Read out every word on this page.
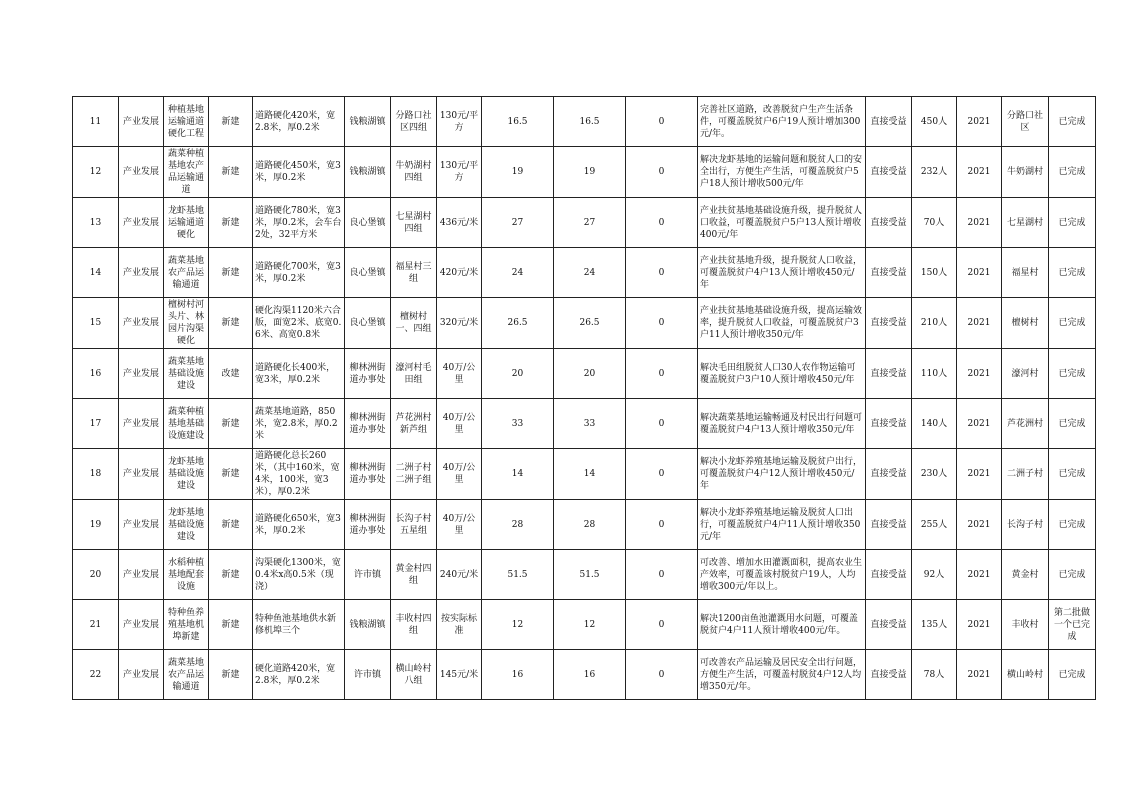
11	产业发展	种植基地运输通道硬化工程	新建	道路硬化420米，宽2.8米，厚0.2米	钱粮湖镇	分路口社区四组	130元/平方	16.5	16.5	0	完善社区道路，改善脱贫户生产生活条件，可覆盖脱贫户6户19人预计增加300元/年。	直接受益	450人	2021	分路口社区	已完成
12	产业发展	蔬菜种植基地农产品运输通道	新建	道路硬化450米，宽3米，厚0.2米	钱粮湖镇	牛奶湖村四组	130元/平方	19	19	0	解决龙虾基地的运输问题和脱贫人口的安全出行，方便生产生活，可覆盖脱贫户5户18人预计增收500元/年	直接受益	232人	2021	牛奶湖村	已完成
13	产业发展	龙虾基地运输通道硬化	新建	道路硬化780米，宽3米，厚0.2米，会车台2处，32平方米	良心堡镇	七星湖村四组	436元/米	27	27	0	产业扶贫基地基础设施升级，提升脱贫人口收益，可覆盖脱贫户5户13人预计增收400元/年	直接受益	70人	2021	七星湖村	已完成
14	产业发展	蔬菜基地农产品运输通道	新建	道路硬化700米，宽3米，厚0.2米	良心堡镇	福星村三组	420元/米	24	24	0	产业扶贫基地升级，提升脱贫人口收益，可覆盖脱贫户4户13人预计增收450元/年	直接受益	150人	2021	福星村	已完成
15	产业发展	檀树村河头片、林园片沟渠硬化	新建	硬化沟渠1120米六合版，面宽2米、底宽0.6米、高宽0.8米	良心堡镇	檀树村一、四组	320元/米	26.5	26.5	0	产业扶贫基地基础设施升级，提高运输效率，提升脱贫人口收益，可覆盖脱贫户3户11人预计增收350元/年	直接受益	210人	2021	檀树村	已完成
16	产业发展	蔬菜基地基础设施建设	改建	道路硬化长400米，宽3米，厚0.2米	柳林洲街道办事处	濠河村毛田组	40万/公里	20	20	0	解决毛田组脱贫人口30人农作物运输可覆盖脱贫户3户10人预计增收450元/年	直接受益	110人	2021	濠河村	已完成
17	产业发展	蔬菜种植基地基础设施建设	新建	蔬菜基地道路，850米，宽2.8米，厚0.2米	柳林洲街道办事处	芦花洲村新芦组	40万/公里	33	33	0	解决蔬菜基地运输畅通及村民出行问题可覆盖脱贫户4户13人预计增收350元/年	直接受益	140人	2021	芦花洲村	已完成
18	产业发展	龙虾基地基础设施建设	新建	道路硬化总长260米，（其中160米，宽4米，100米，宽3米），厚0.2米	柳林洲街道办事处	二洲子村二洲子组	40万/公里	14	14	0	解决小龙虾养殖基地运输及脱贫户出行，可覆盖脱贫户4户12人预计增收450元/年	直接受益	230人	2021	二洲子村	已完成
19	产业发展	龙虾基地基础设施建设	新建	道路硬化650米，宽3米，厚0.2米	柳林洲街道办事处	长沟子村五星组	40万/公里	28	28	0	解决小龙虾养殖基地运输及脱贫人口出行，可覆盖脱贫户4户11人预计增收350元/年	直接受益	255人	2021	长沟子村	已完成
20	产业发展	水稻种植基地配套设施	新建	沟渠硬化1300米，宽0.4米x高0.5米（现浇）	许市镇	黄金村四组	240元/米	51.5	51.5	0	可改善、增加水田灌溉面积，提高农业生产效率，可覆盖该村脱贫户19人，人均增收300元/年以上。	直接受益	92人	2021	黄金村	已完成
21	产业发展	特种鱼养殖基地机埠新建	新建	特种鱼池基地供水新修机埠三个	钱粮湖镇	丰收村四组	按实际标准	12	12	0	解决1200亩鱼池灌溉用水问题，可覆盖脱贫户4户11人预计增收400元/年。	直接受益	135人	2021	丰收村	第二批做一个已完成
22	产业发展	蔬菜基地农产品运输通道	新建	硬化道路420米，宽2.8米，厚0.2米	许市镇	横山岭村八组	145元/米	16	16	0	可改善农产品运输及居民安全出行问题，方便生产生活，可覆盖村脱贫4户12人均增350元/年。	直接受益	78人	2021	横山岭村	已完成
